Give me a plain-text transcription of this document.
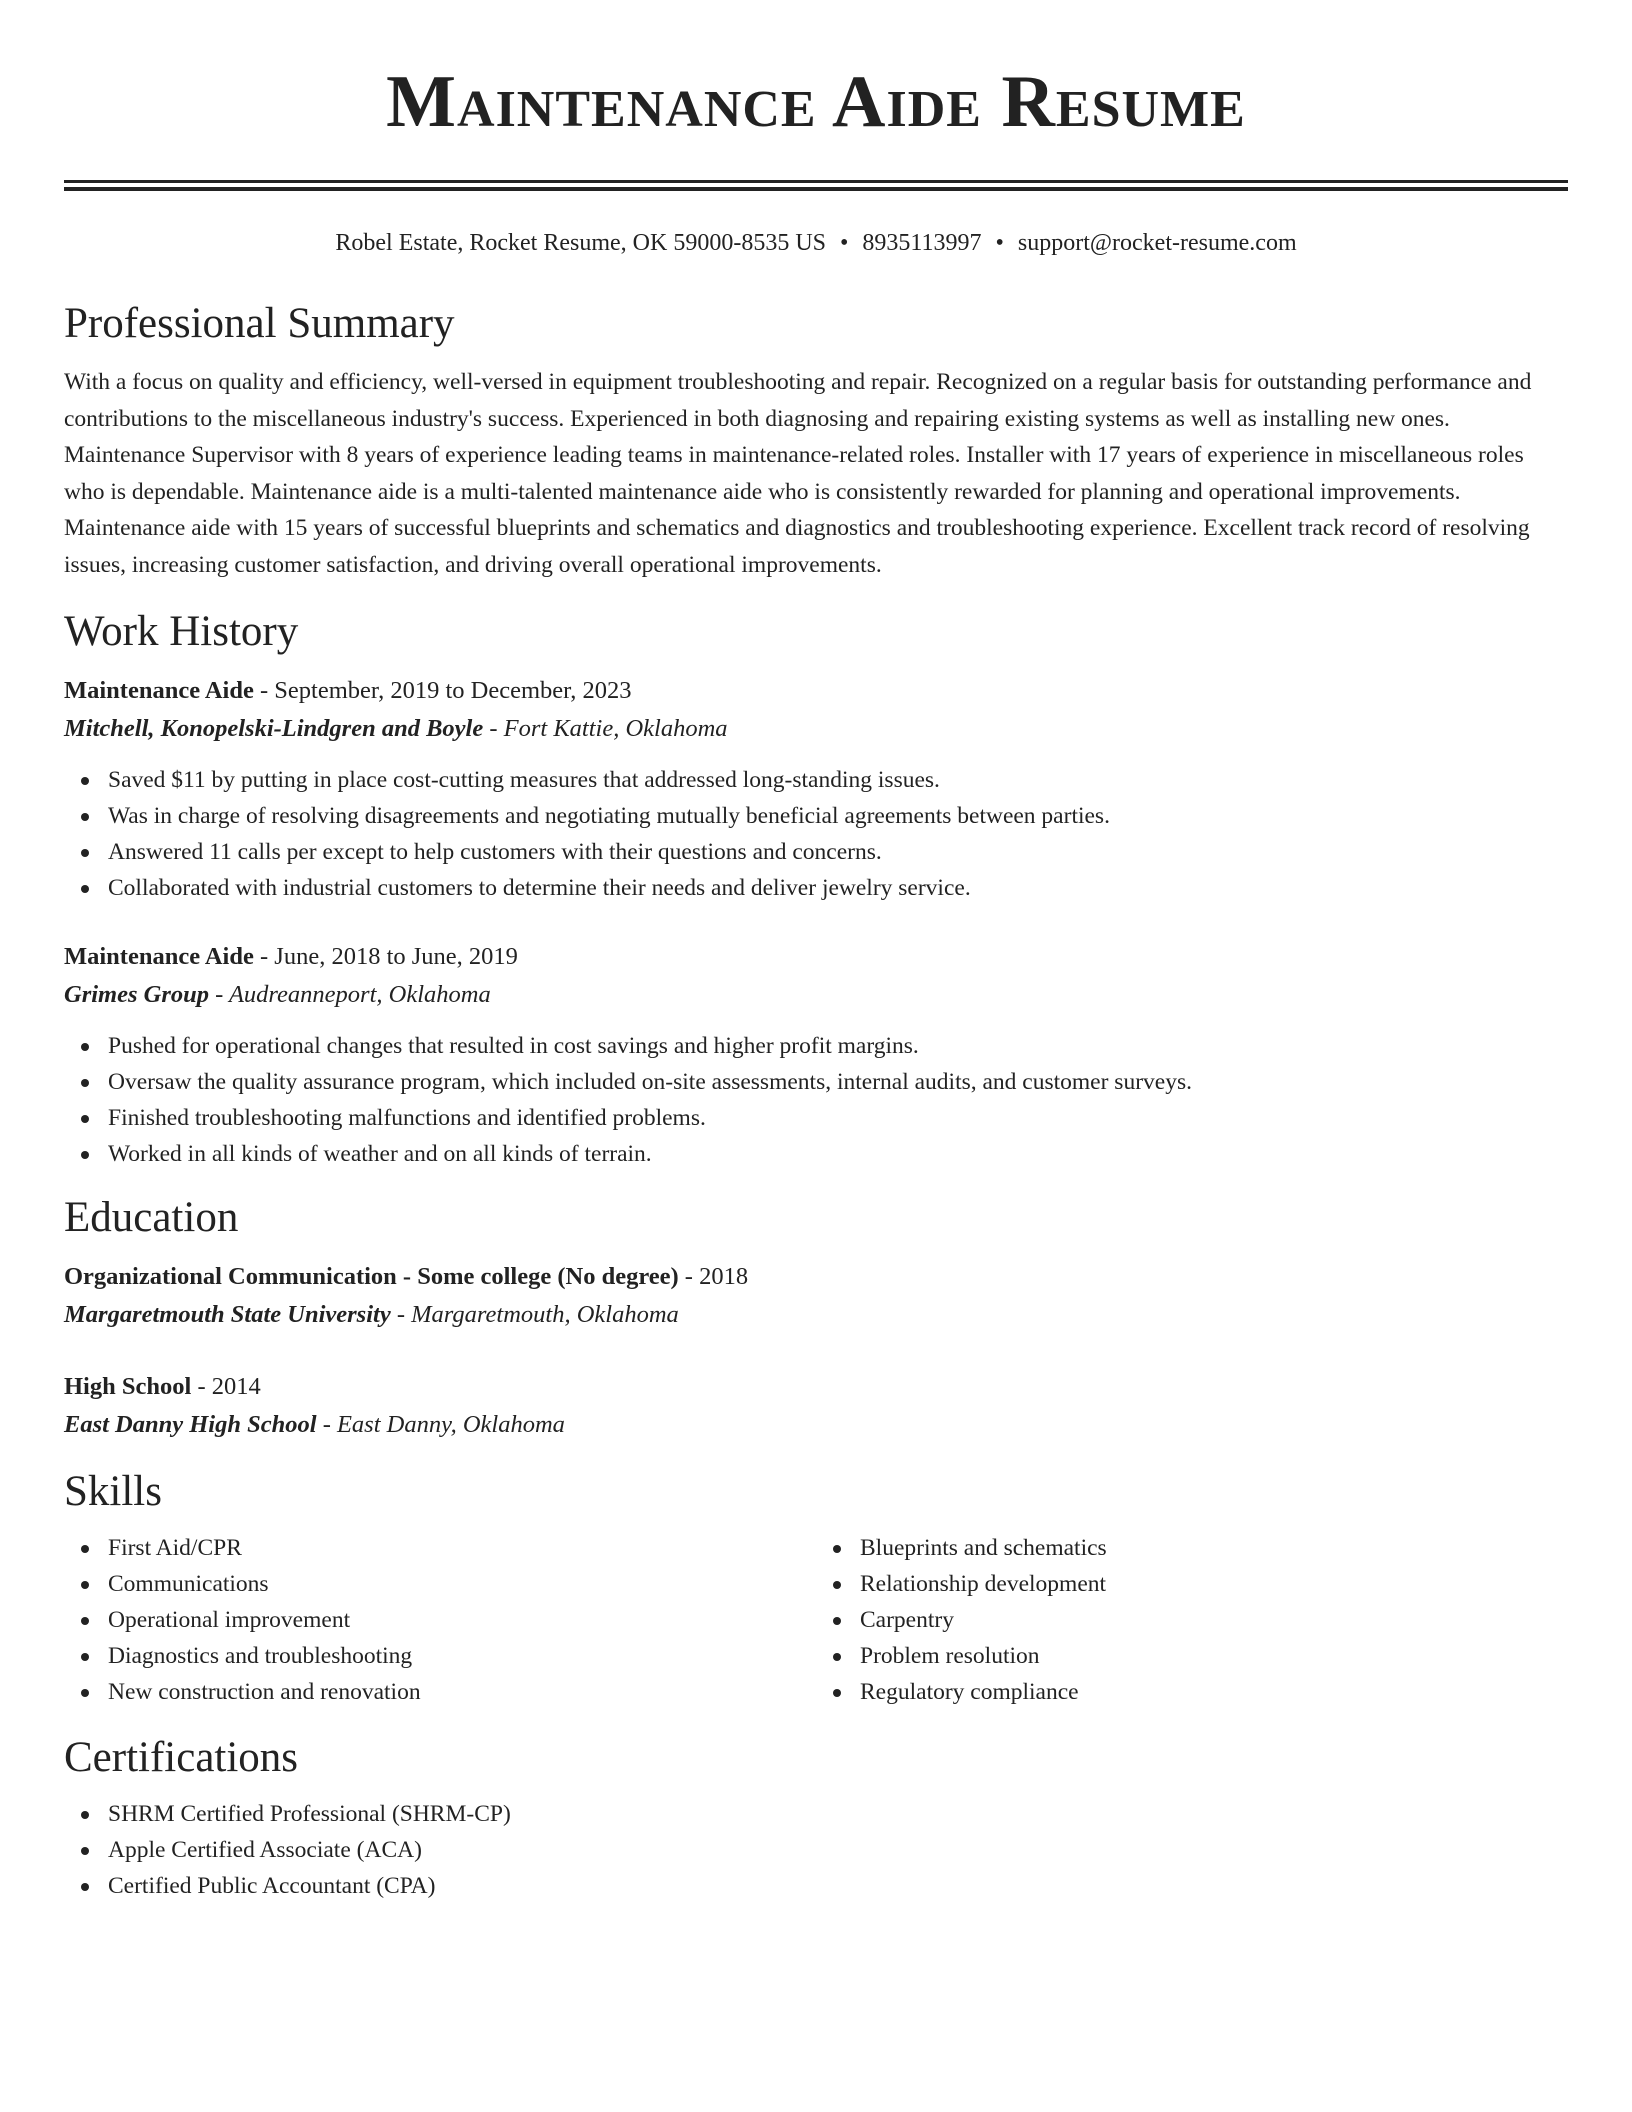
Maintenance Aide Resume
Robel Estate, Rocket Resume, OK 59000-8535 US • 8935113997 • support@rocket-resume.com
Professional Summary

With a focus on quality and efficiency, well-versed in equipment troubleshooting and repair. Recognized on a regular basis for outstanding performance and contributions to the miscellaneous industry's success. Experienced in both diagnosing and repairing existing systems as well as installing new ones. Maintenance Supervisor with 8 years of experience leading teams in maintenance-related roles. Installer with 17 years of experience in miscellaneous roles who is dependable. Maintenance aide is a multi-talented maintenance aide who is consistently rewarded for planning and operational improvements. Maintenance aide with 15 years of successful blueprints and schematics and diagnostics and troubleshooting experience. Excellent track record of resolving issues, increasing customer satisfaction, and driving overall operational improvements.

Work History
Maintenance Aide - September, 2019 to December, 2023
Mitchell, Konopelski-Lindgren and Boyle - Fort Kattie, Oklahoma
Saved $11 by putting in place cost-cutting measures that addressed long-standing issues.
Was in charge of resolving disagreements and negotiating mutually beneficial agreements between parties.
Answered 11 calls per except to help customers with their questions and concerns.
Collaborated with industrial customers to determine their needs and deliver jewelry service.
Maintenance Aide - June, 2018 to June, 2019
Grimes Group - Audreanneport, Oklahoma
Pushed for operational changes that resulted in cost savings and higher profit margins.
Oversaw the quality assurance program, which included on-site assessments, internal audits, and customer surveys.
Finished troubleshooting malfunctions and identified problems.
Worked in all kinds of weather and on all kinds of terrain.
Education
Organizational Communication - Some college (No degree) - 2018
Margaretmouth State University - Margaretmouth, Oklahoma
High School - 2014
East Danny High School - East Danny, Oklahoma
Skills
First Aid/CPR
Communications
Operational improvement
Diagnostics and troubleshooting
New construction and renovation
Blueprints and schematics
Relationship development
Carpentry
Problem resolution
Regulatory compliance
Certifications
SHRM Certified Professional (SHRM-CP)
Apple Certified Associate (ACA)
Certified Public Accountant (CPA)
